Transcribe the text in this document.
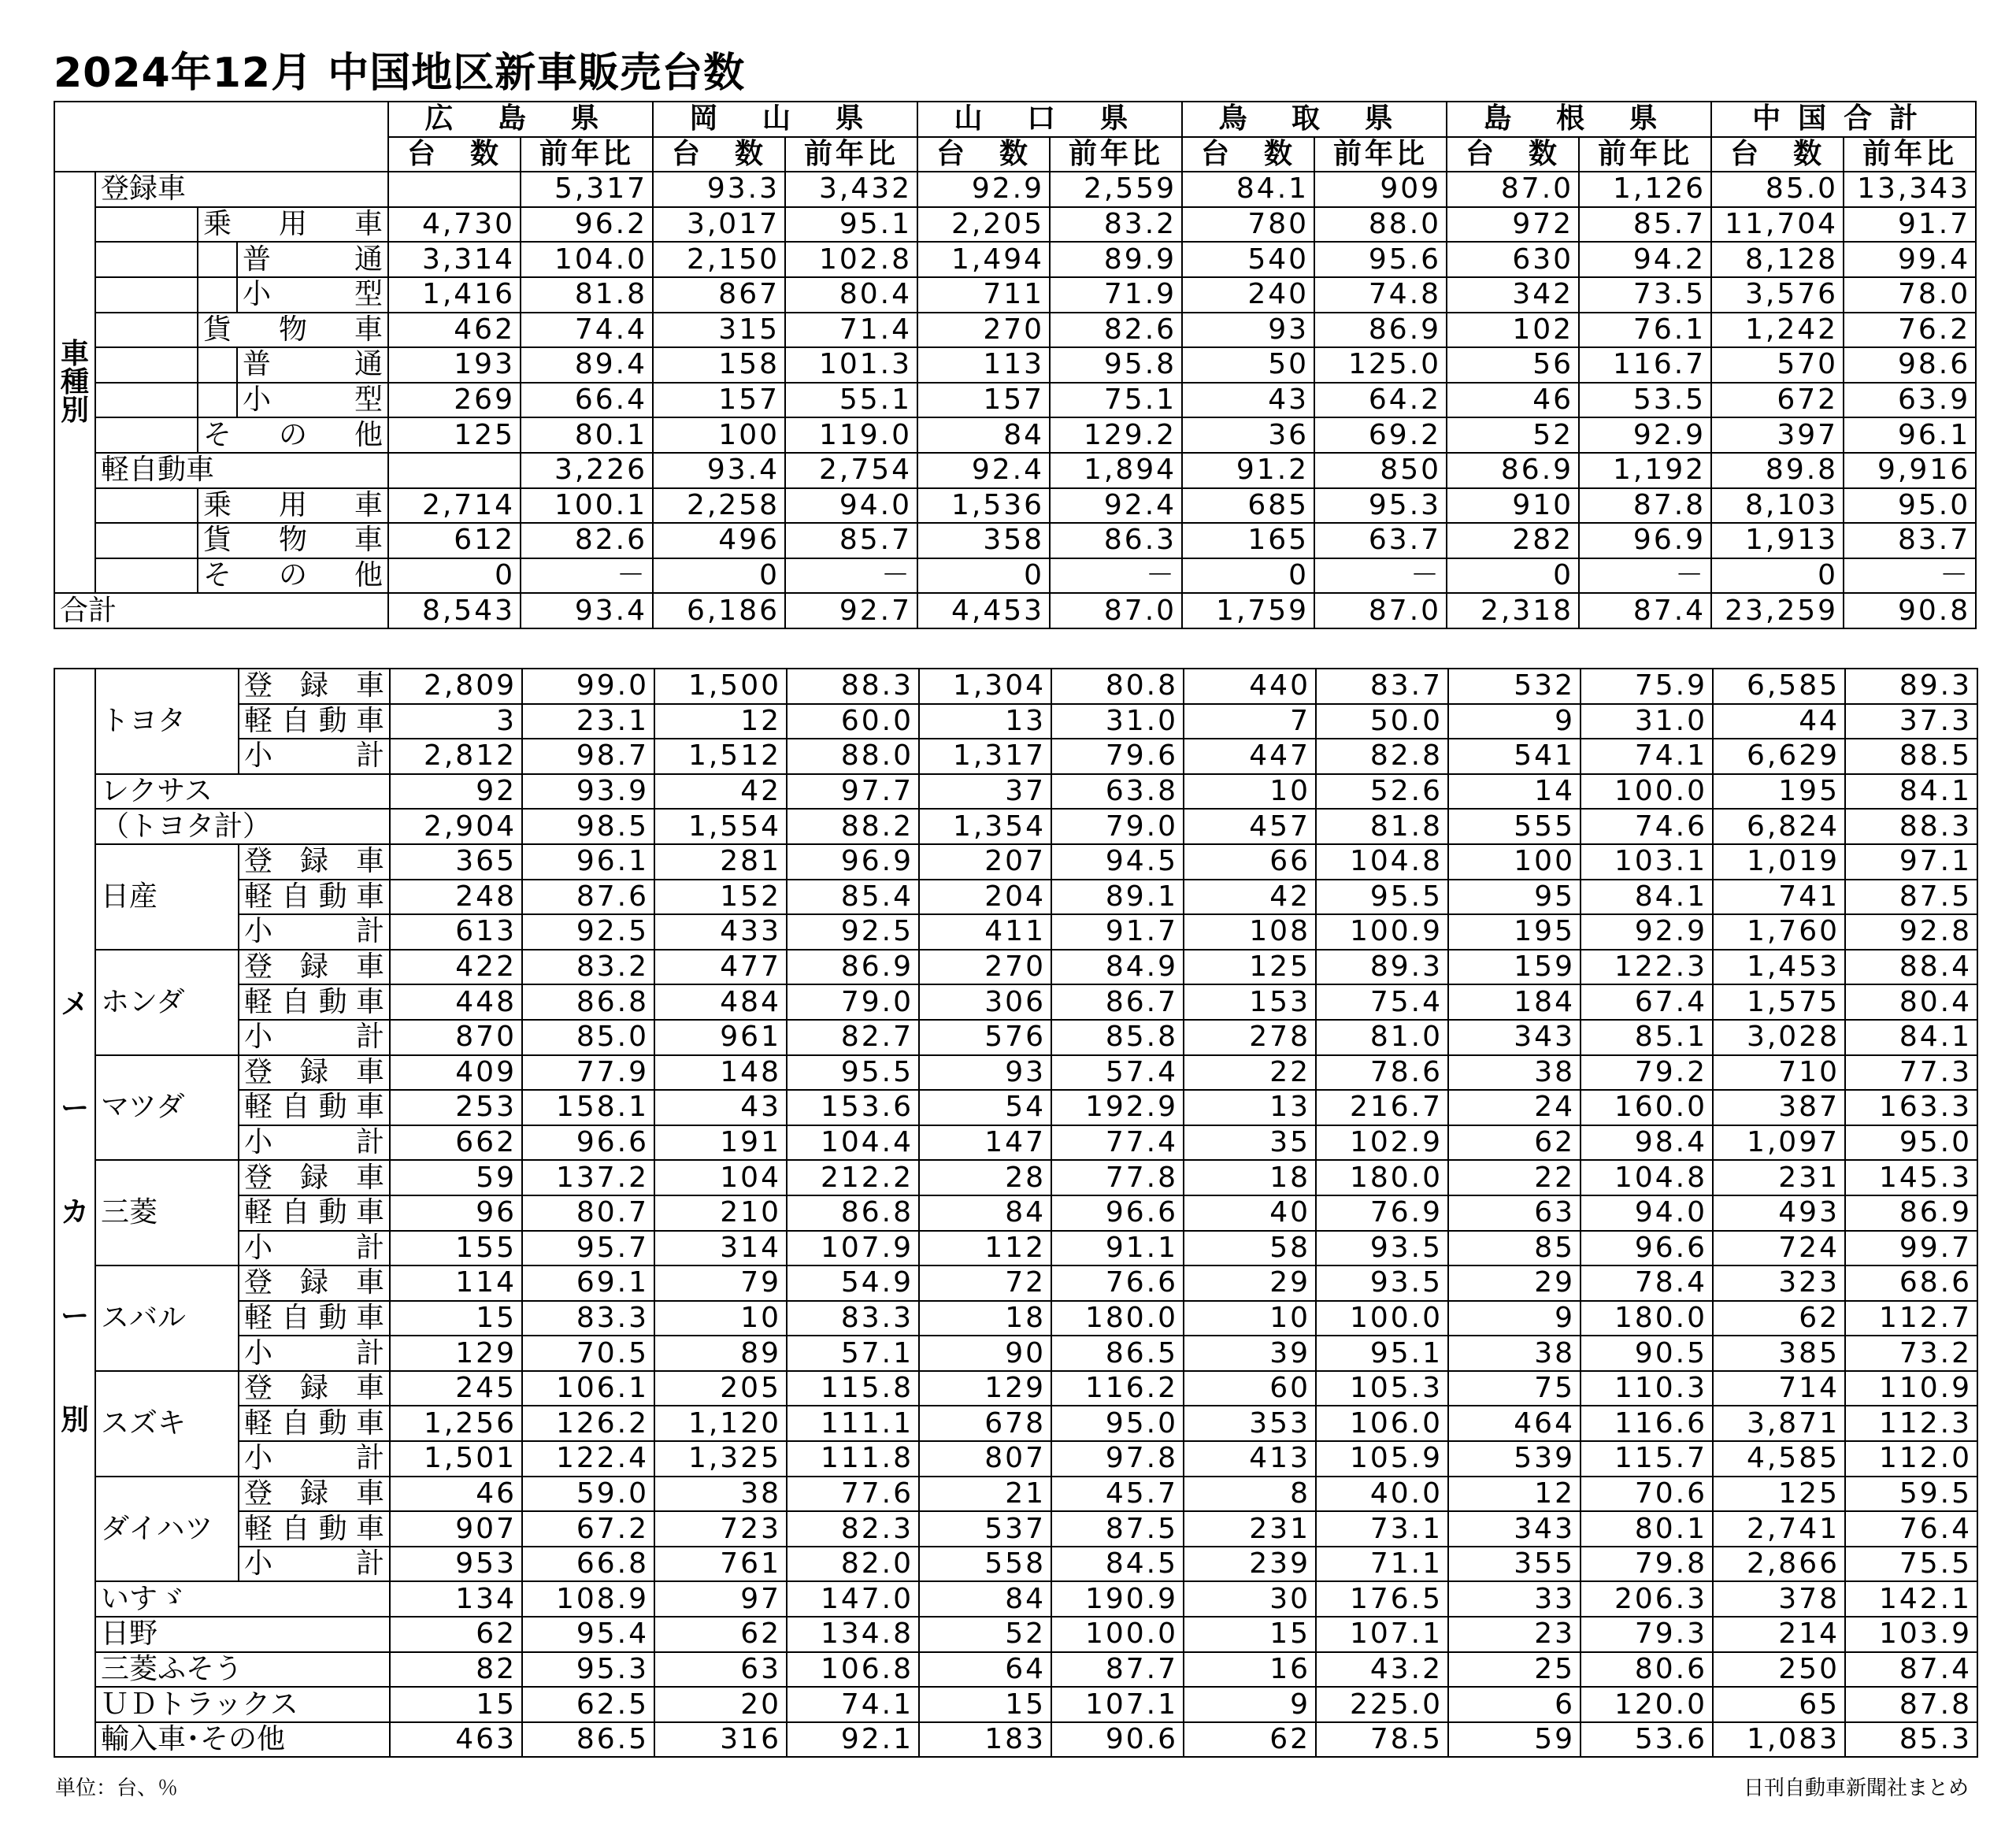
2024年12月 中国地区新車販売台数
				広 島 県		岡 山 県		山 口 県		鳥 取 県		島 根 県		中国合計		
				台　数	前年比	台　数	前年比	台　数	前年比	台　数	前年比	台　数	前年比	台　数	前年比	

車
種
別	登録車				5,317	93.3	3,432	92.9	2,559	84.1	909	87.0	1,126	85.0	13,343	
		乗　用　車		4,730	96.2	3,017	95.1	2,205	83.2	780	88.0	972	85.7	11,704	91.7	
			普　通	3,314	104.0	2,150	102.8	1,494	89.9	540	95.6	630	94.2	8,128	99.4	
			小　型	1,416	81.8	867	80.4	711	71.9	240	74.8	342	73.5	3,576	78.0	
		貨　物　車		462	74.4	315	71.4	270	82.6	93	86.9	102	76.1	1,242	76.2	
			普　通	193	89.4	158	101.3	113	95.8	50	125.0	56	116.7	570	98.6	
			小　型	269	66.4	157	55.1	157	75.1	43	64.2	46	53.5	672	63.9	
		そ　の　他		125	80.1	100	119.0	84	129.2	36	69.2	52	92.9	397	96.1	
	軽自動車				3,226	93.4	2,754	92.4	1,894	91.2	850	86.9	1,192	89.8	9,916	
		乗　用　車		2,714	100.1	2,258	94.0	1,536	92.4	685	95.3	910	87.8	8,103	95.0	
		貨　物　車		612	82.6	496	85.7	358	86.3	165	63.7	282	96.9	1,913	83.7	
		そ　の　他		0	－	0	－	0	－	0	－	0	－	0	－	
合計				8,543	93.4	6,186	92.7	4,453	87.0	1,759	87.0	2,318	87.4	23,259	90.8	
メ
ー
カ
ー
別	トヨタ	登 録 車	2,809	99.0	1,500	88.3	1,304	80.8	440	83.7	532	75.9	6,585	89.3
		軽自動車	3	23.1	12	60.0	13	31.0	7	50.0	9	31.0	44	37.3
		小　計	2,812	98.7	1,512	88.0	1,317	79.6	447	82.8	541	74.1	6,629	88.5
	レクサス		92	93.9	42	97.7	37	63.8	10	52.6	14	100.0	195	84.1
	（トヨタ計）		2,904	98.5	1,554	88.2	1,354	79.0	457	81.8	555	74.6	6,824	88.3
	日産	登 録 車	365	96.1	281	96.9	207	94.5	66	104.8	100	103.1	1,019	97.1
		軽自動車	248	87.6	152	85.4	204	89.1	42	95.5	95	84.1	741	87.5
		小　計	613	92.5	433	92.5	411	91.7	108	100.9	195	92.9	1,760	92.8
	ホンダ	登 録 車	422	83.2	477	86.9	270	84.9	125	89.3	159	122.3	1,453	88.4
		軽自動車	448	86.8	484	79.0	306	86.7	153	75.4	184	67.4	1,575	80.4
		小　計	870	85.0	961	82.7	576	85.8	278	81.0	343	85.1	3,028	84.1
	マツダ	登 録 車	409	77.9	148	95.5	93	57.4	22	78.6	38	79.2	710	77.3
		軽自動車	253	158.1	43	153.6	54	192.9	13	216.7	24	160.0	387	163.3
		小　計	662	96.6	191	104.4	147	77.4	35	102.9	62	98.4	1,097	95.0
	三菱	登 録 車	59	137.2	104	212.2	28	77.8	18	180.0	22	104.8	231	145.3
		軽自動車	96	80.7	210	86.8	84	96.6	40	76.9	63	94.0	493	86.9
		小　計	155	95.7	314	107.9	112	91.1	58	93.5	85	96.6	724	99.7
	スバル	登 録 車	114	69.1	79	54.9	72	76.6	29	93.5	29	78.4	323	68.6
		軽自動車	15	83.3	10	83.3	18	180.0	10	100.0	9	180.0	62	112.7
		小　計	129	70.5	89	57.1	90	86.5	39	95.1	38	90.5	385	73.2
	スズキ	登 録 車	245	106.1	205	115.8	129	116.2	60	105.3	75	110.3	714	110.9
		軽自動車	1,256	126.2	1,120	111.1	678	95.0	353	106.0	464	116.6	3,871	112.3
		小　計	1,501	122.4	1,325	111.8	807	97.8	413	105.9	539	115.7	4,585	112.0
	ダイハツ	登 録 車	46	59.0	38	77.6	21	45.7	8	40.0	12	70.6	125	59.5
		軽自動車	907	67.2	723	82.3	537	87.5	231	73.1	343	80.1	2,741	76.4
		小　計	953	66.8	761	82.0	558	84.5	239	71.1	355	79.8	2,866	75.5
	いすゞ		134	108.9	97	147.0	84	190.9	30	176.5	33	206.3	378	142.1
	日野		62	95.4	62	134.8	52	100.0	15	107.1	23	79.3	214	103.9
	三菱ふそう		82	95.3	63	106.8	64	87.7	16	43.2	25	80.6	250	87.4
	ＵＤトラックス		15	62.5	20	74.1	15	107.1	9	225.0	6	120.0	65	87.8
	輸入車･その他		463	86.5	316	92.1	183	90.6	62	78.5	59	53.6	1,083	85.3
単位：台、％	日刊自動車新聞社まとめ
